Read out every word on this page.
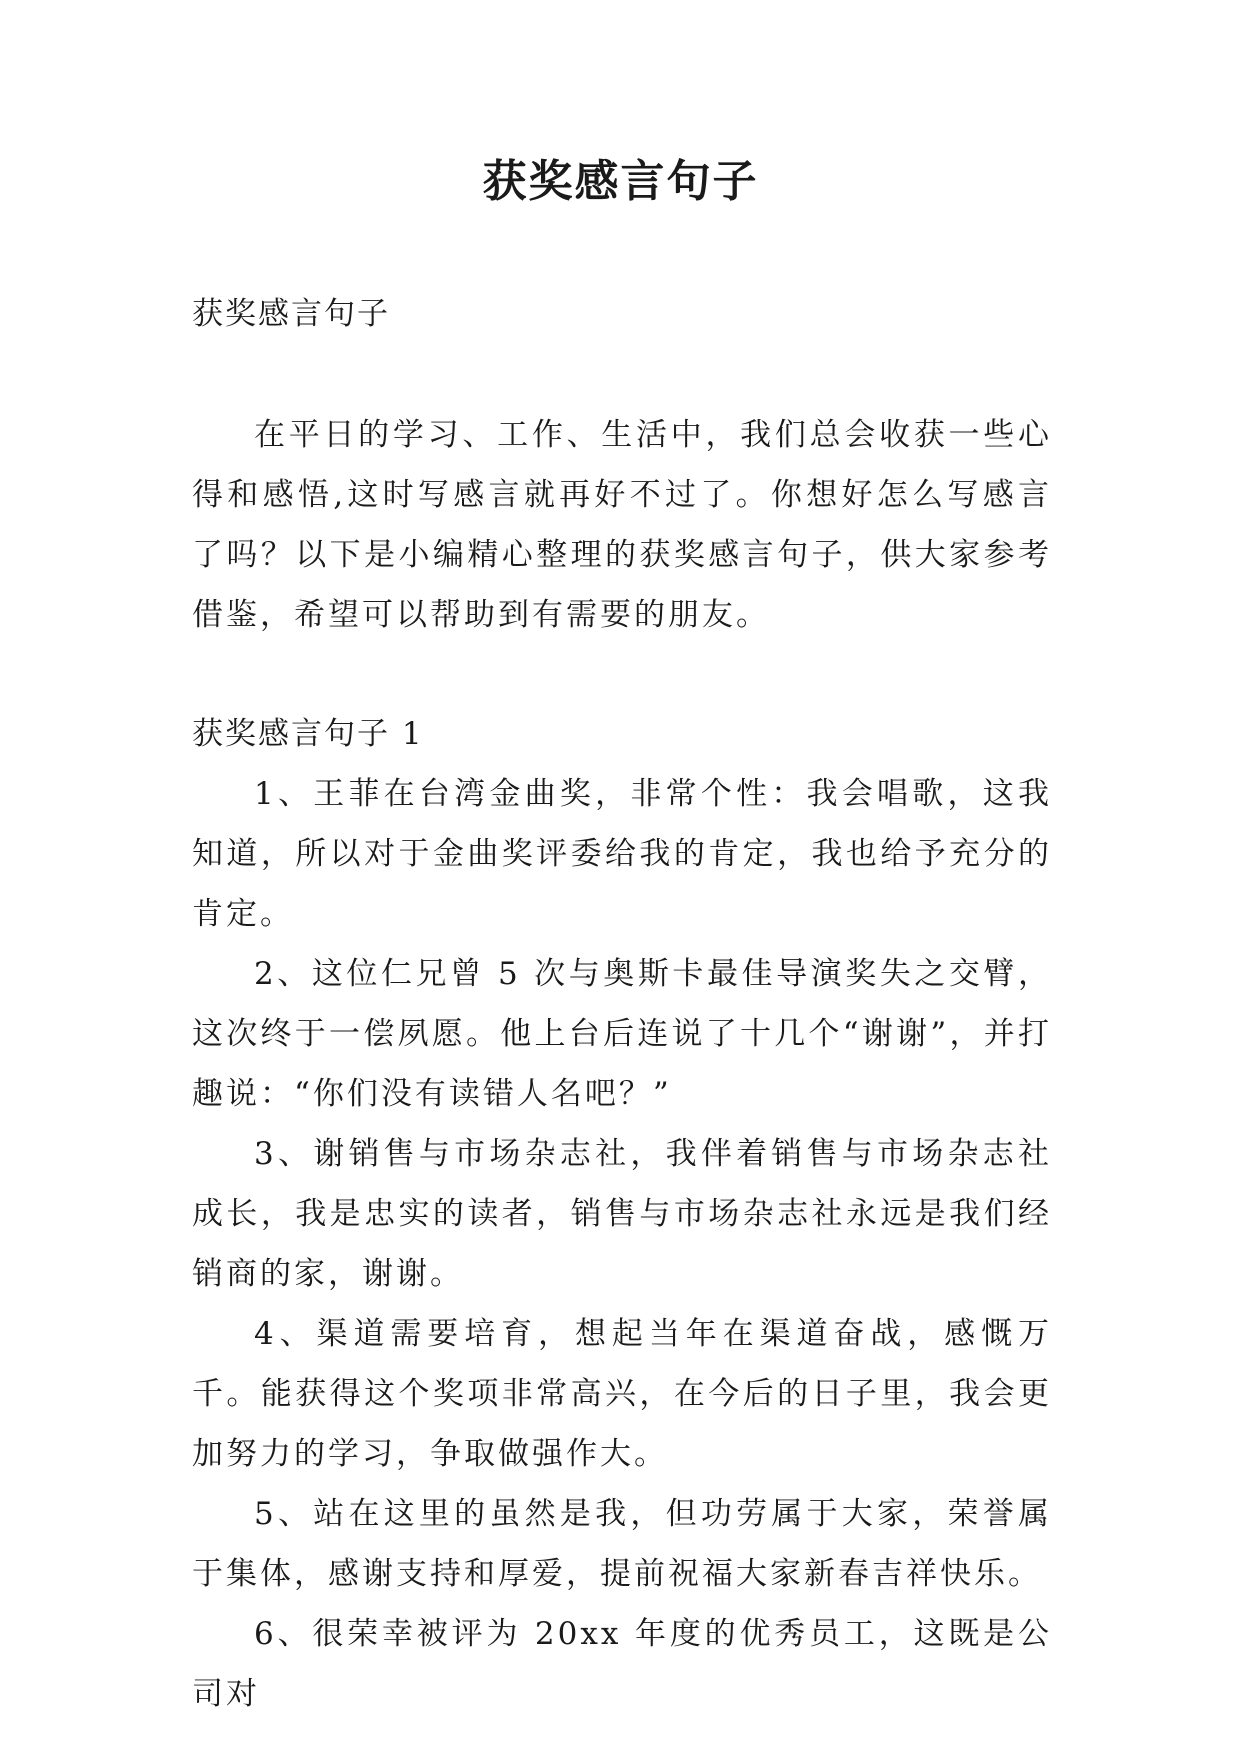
获奖感言句子

获奖感言句子

在平日的学习、工作、生活中，我们总会收获一些心得和感悟,这时写感言就再好不过了。你想好怎么写感言了吗？以下是小编精心整理的获奖感言句子，供大家参考借鉴，希望可以帮助到有需要的朋友。

获奖感言句子 1

1、王菲在台湾金曲奖，非常个性：我会唱歌，这我知道，所以对于金曲奖评委给我的肯定，我也给予充分的肯定。

2、这位仁兄曾 5 次与奥斯卡最佳导演奖失之交臂，这次终于一偿夙愿。他上台后连说了十几个“谢谢”，并打趣说：“你们没有读错人名吧？”

3、谢销售与市场杂志社，我伴着销售与市场杂志社成长，我是忠实的读者，销售与市场杂志社永远是我们经销商的家，谢谢。

4、渠道需要培育，想起当年在渠道奋战，感慨万千。能获得这个奖项非常高兴，在今后的日子里，我会更加努力的学习，争取做强作大。

5、站在这里的虽然是我，但功劳属于大家，荣誉属于集体，感谢支持和厚爱，提前祝福大家新春吉祥快乐。

6、很荣幸被评为 20xx 年度的优秀员工，这既是公司对
